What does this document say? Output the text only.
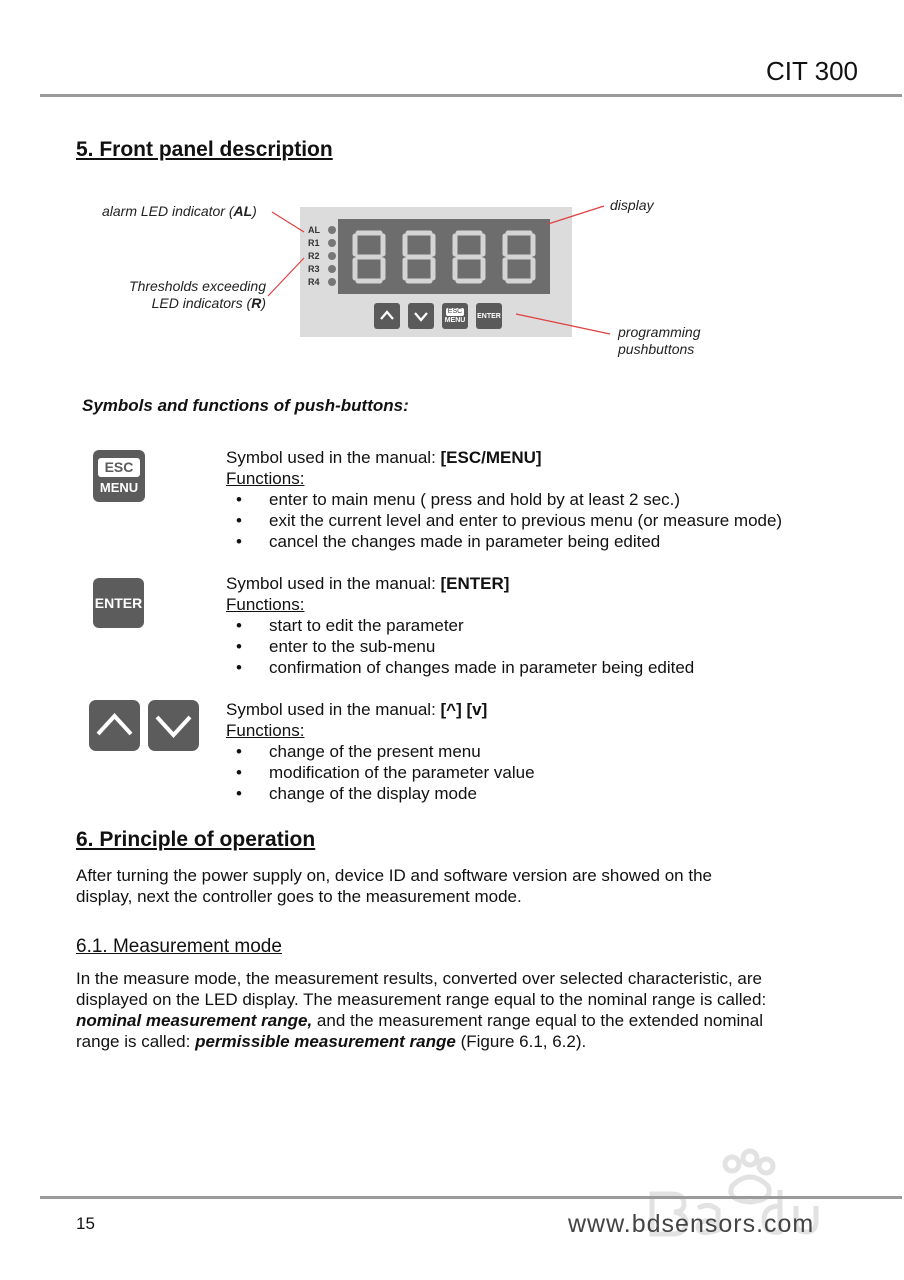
CIT 300
5. Front panel description
AL
R1
R2
R3
R4
ESC
MENU
ENTER
alarm LED indicator (AL)
Thresholds exceeding
LED indicators (R)
display
programming
pushbuttons
Symbols and functions of push-buttons:
ESC
MENU
Symbol used in the manual: [ESC/MENU]
Functions:
• enter to main menu ( press and hold by at least 2 sec.)
• exit the current level and enter to previous menu (or measure mode)
• cancel the changes made in parameter being edited
ENTER
Symbol used in the manual: [ENTER]
Functions:
• start to edit the parameter
• enter to the sub-menu
• confirmation of changes made in parameter being edited
Symbol used in the manual: [^] [v]
Functions:
• change of the present menu
• modification of the parameter value
• change of the display mode
6. Principle of operation
After turning the power supply on, device ID and software version are showed on the
display, next the controller goes to the measurement mode.
6.1. Measurement mode
In the measure mode, the measurement results, converted over selected characteristic, are
displayed on the LED display. The measurement range equal to the nominal range is called:
nominal measurement range, and the measurement range equal to the extended nominal
range is called: permissible measurement range (Figure 6.1, 6.2).
15	www.bdsensors.com
